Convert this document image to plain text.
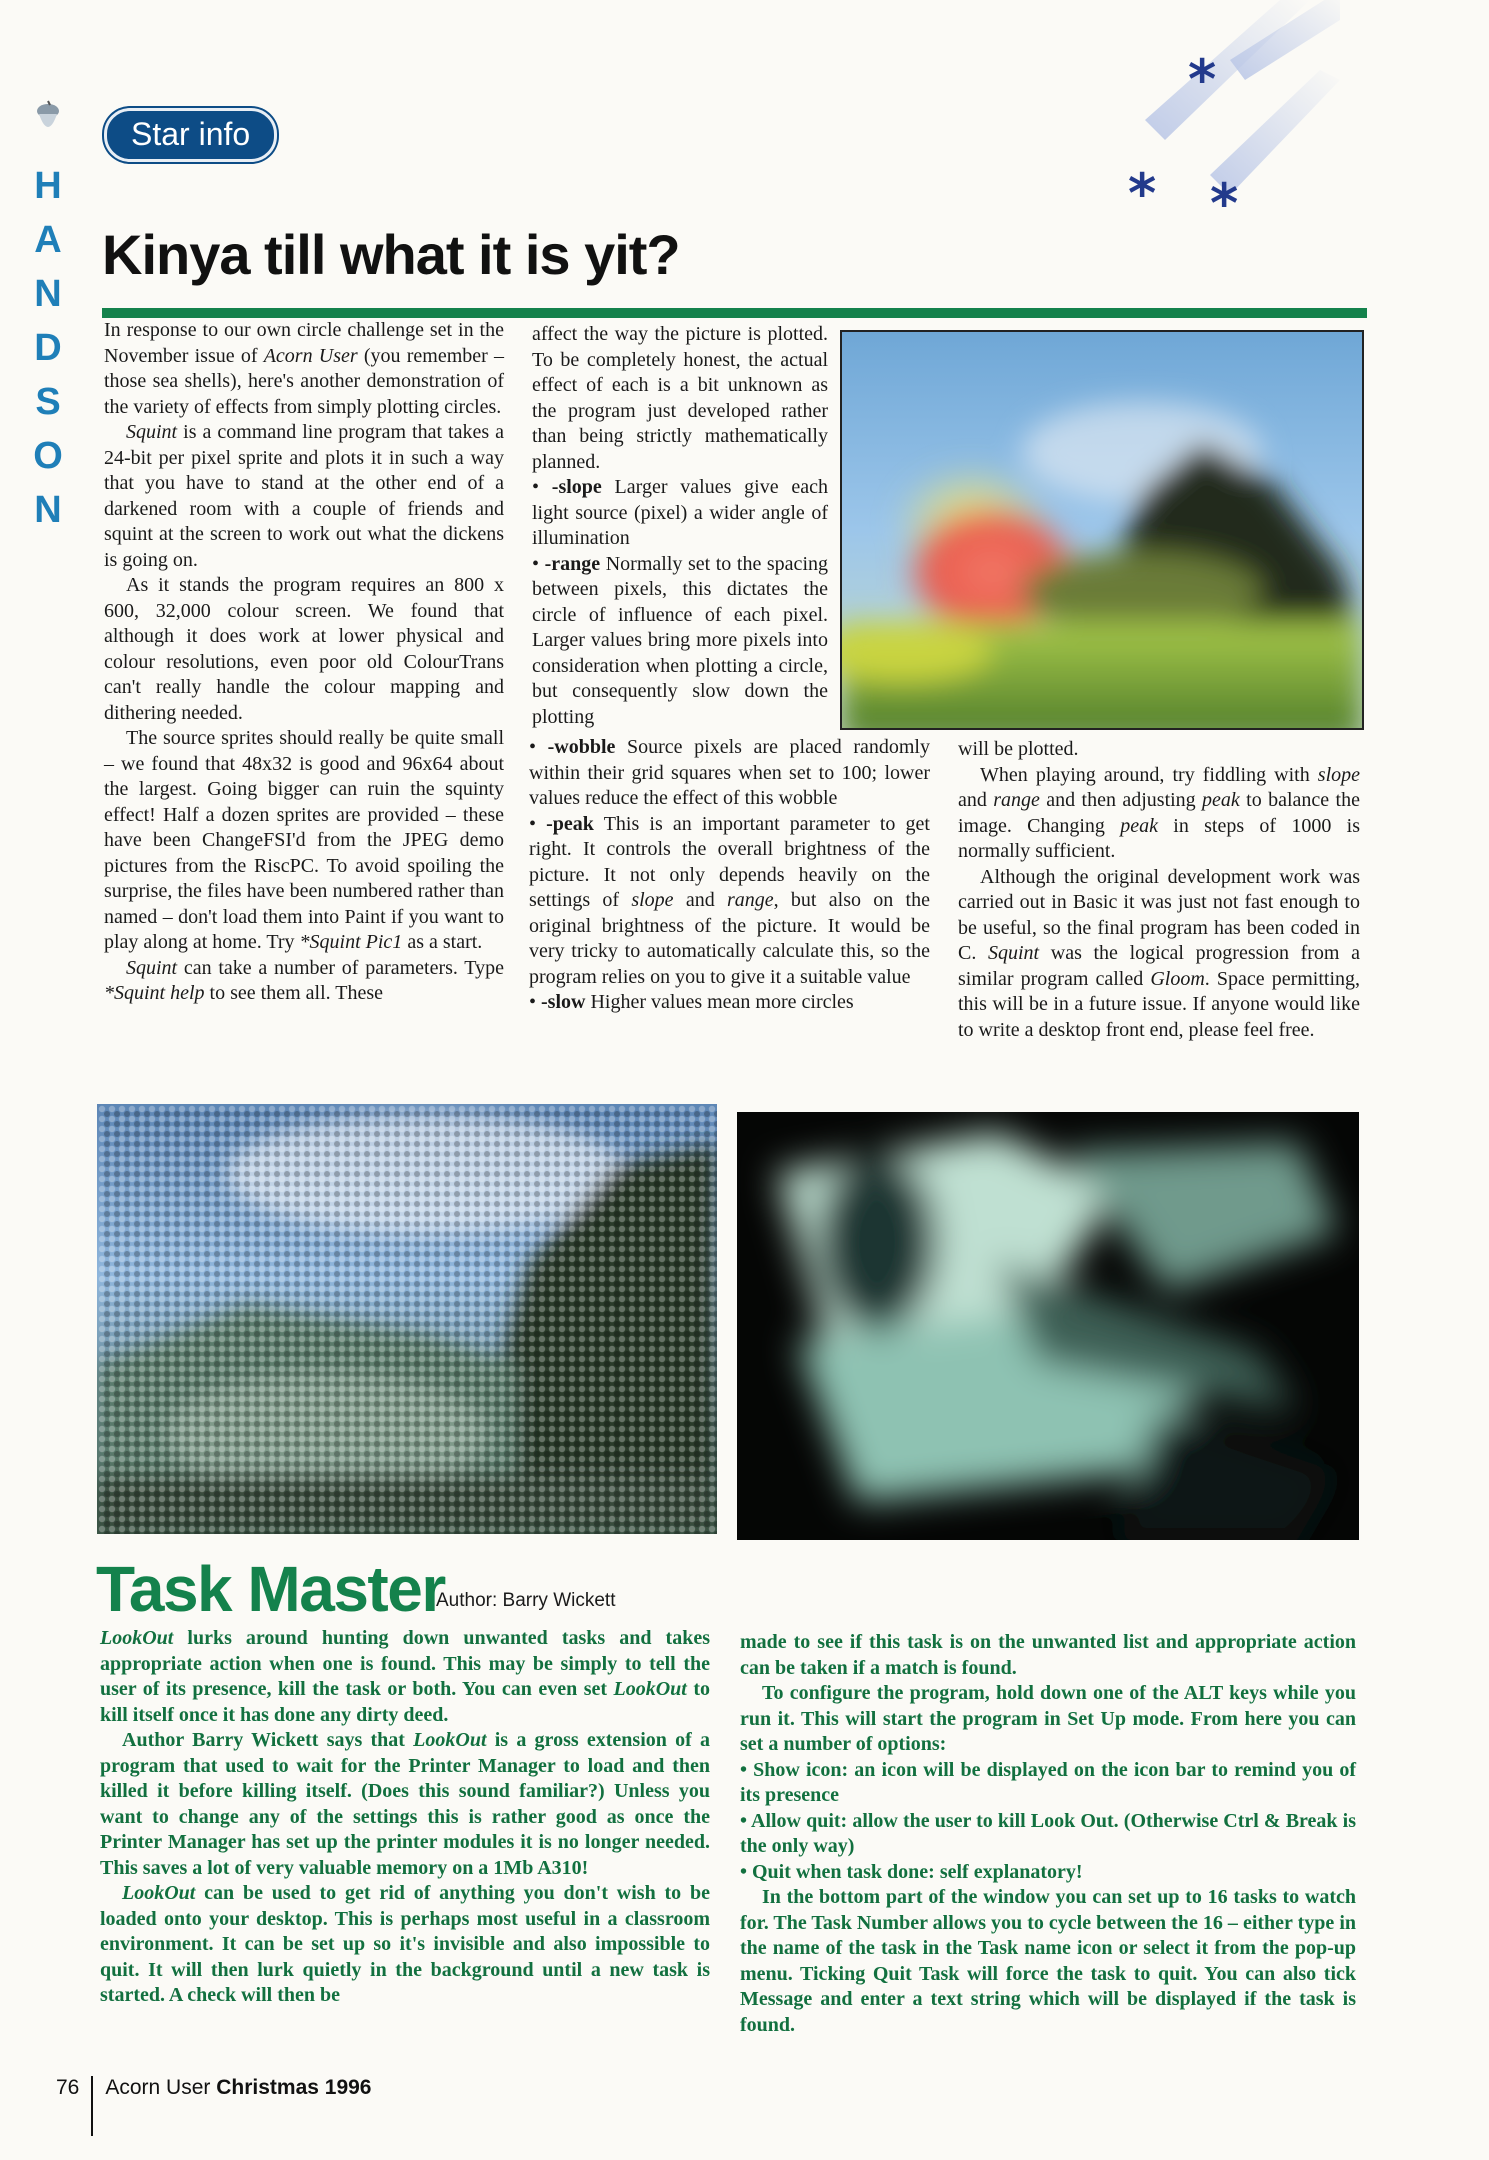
H
A
N
D
S
O
N
Star info
*
* *
Kinya till what it is yit?

In response to our own circle challenge set in the November issue of Acorn User (you remember – those sea shells), here's another demonstration of the variety of effects from simply plotting circles.

Squint is a command line program that takes a 24-bit per pixel sprite and plots it in such a way that you have to stand at the other end of a darkened room with a couple of friends and squint at the screen to work out what the dickens is going on.

As it stands the program requires an 800 x 600, 32,000 colour screen. We found that although it does work at lower physical and colour resolutions, even poor old ColourTrans can't really handle the colour mapping and dithering needed.

The source sprites should really be quite small – we found that 48x32 is good and 96x64 about the largest. Going bigger can ruin the squinty effect! Half a dozen sprites are provided – these have been ChangeFSI'd from the JPEG demo pictures from the RiscPC. To avoid spoiling the surprise, the files have been numbered rather than named – don't load them into Paint if you want to play along at home. Try *Squint Pic1 as a start.

Squint can take a number of parameters. Type *Squint help to see them all. These

affect the way the picture is plotted. To be completely honest, the actual effect of each is a bit unknown as the program just developed rather than being strictly mathematically planned.

• -slope Larger values give each light source (pixel) a wider angle of illumination

• -range Normally set to the spacing between pixels, this dictates the circle of influence of each pixel. Larger values bring more pixels into consideration when plotting a circle, but consequently slow down the plotting

• -wobble Source pixels are placed randomly within their grid squares when set to 100; lower values reduce the effect of this wobble

• -peak This is an important parameter to get right. It controls the overall brightness of the picture. It not only depends heavily on the settings of slope and range, but also on the original brightness of the picture. It would be very tricky to automatically calculate this, so the program relies on you to give it a suitable value

• -slow Higher values mean more circles

will be plotted.

When playing around, try fiddling with slope and range and then adjusting peak to balance the image. Changing peak in steps of 1000 is normally sufficient.

Although the original development work was carried out in Basic it was just not fast enough to be useful, so the final program has been coded in C. Squint was the logical progression from a similar program called Gloom. Space permitting, this will be in a future issue. If anyone would like to write a desktop front end, please feel free.

Task Master
Author: Barry Wickett

LookOut lurks around hunting down unwanted tasks and takes appropriate action when one is found. This may be simply to tell the user of its presence, kill the task or both. You can even set LookOut to kill itself once it has done any dirty deed.

Author Barry Wickett says that LookOut is a gross extension of a program that used to wait for the Printer Manager to load and then killed it before killing itself. (Does this sound familiar?) Unless you want to change any of the settings this is rather good as once the Printer Manager has set up the printer modules it is no longer needed. This saves a lot of very valuable memory on a 1Mb A310!

LookOut can be used to get rid of anything you don't wish to be loaded onto your desktop. This is perhaps most useful in a classroom environment. It can be set up so it's invisible and also impossible to quit. It will then lurk quietly in the background until a new task is started. A check will then be

made to see if this task is on the unwanted list and appropriate action can be taken if a match is found.

To configure the program, hold down one of the ALT keys while you run it. This will start the program in Set Up mode. From here you can set a number of options:

• Show icon: an icon will be displayed on the icon bar to remind you of its presence

• Allow quit: allow the user to kill Look Out. (Otherwise Ctrl & Break is the only way)

• Quit when task done: self explanatory!

In the bottom part of the window you can set up to 16 tasks to watch for. The Task Number allows you to cycle between the 16 – either type in the name of the task in the Task name icon or select it from the pop-up menu. Ticking Quit Task will force the task to quit. You can also tick Message and enter a text string which will be displayed if the task is found.

76 Acorn User Christmas 1996
